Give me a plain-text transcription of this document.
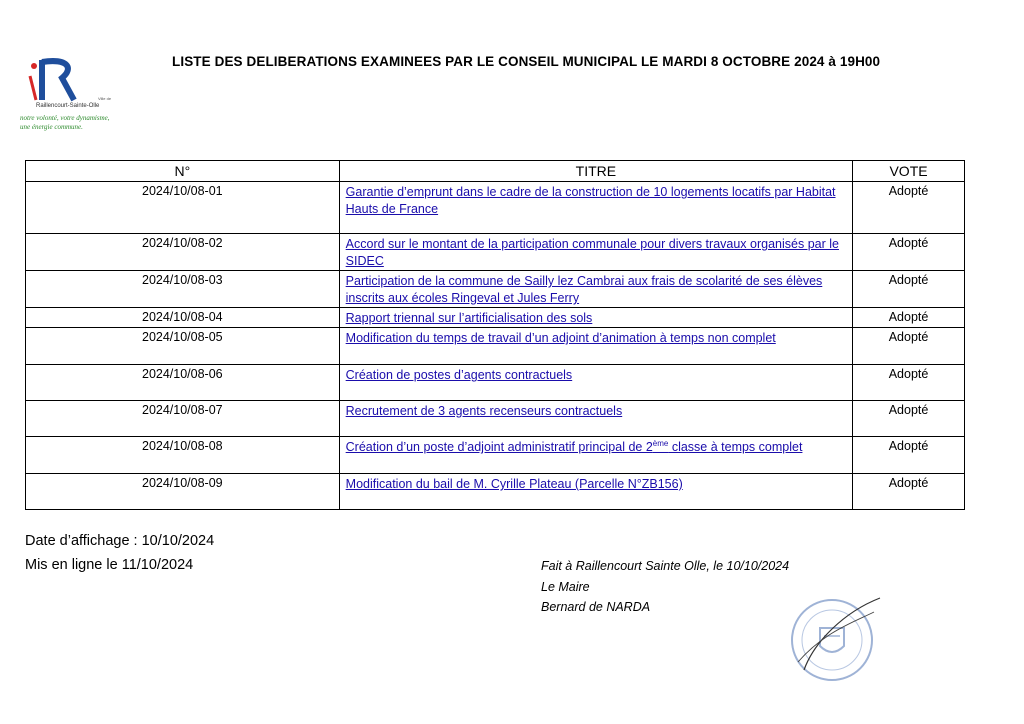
Ville de
Raillencourt-Sainte-Olle
notre volonté, votre dynamisme,
une énergie commune.
LISTE DES DELIBERATIONS EXAMINEES PAR LE CONSEIL MUNICIPAL LE MARDI 8 OCTOBRE 2024 à 19H00
N°	TITRE	VOTE
2024/10/08-01	Garantie d’emprunt dans le cadre de la construction de 10 logements locatifs par Habitat Hauts de France	Adopté
2024/10/08-02	Accord sur le montant de la participation communale pour divers travaux organisés par le SIDEC	Adopté
2024/10/08-03	Participation de la commune de Sailly lez Cambrai aux frais de scolarité de ses élèves inscrits aux écoles Ringeval et Jules Ferry	Adopté
2024/10/08-04	Rapport triennal sur l’artificialisation des sols	Adopté
2024/10/08-05	Modification du temps de travail d’un adjoint d’animation à temps non complet	Adopté
2024/10/08-06	Création de postes d’agents contractuels	Adopté
2024/10/08-07	Recrutement de 3 agents recenseurs contractuels	Adopté
2024/10/08-08	Création d’un poste d’adjoint administratif principal de 2ème classe à temps complet	Adopté
2024/10/08-09	Modification du bail de M. Cyrille Plateau (Parcelle N°ZB156)	Adopté
Date d’affichage : 10/10/2024
Mis en ligne le 11/10/2024	Fait à Raillencourt Sainte Olle, le 10/10/2024
Le Maire
Bernard de NARDA
